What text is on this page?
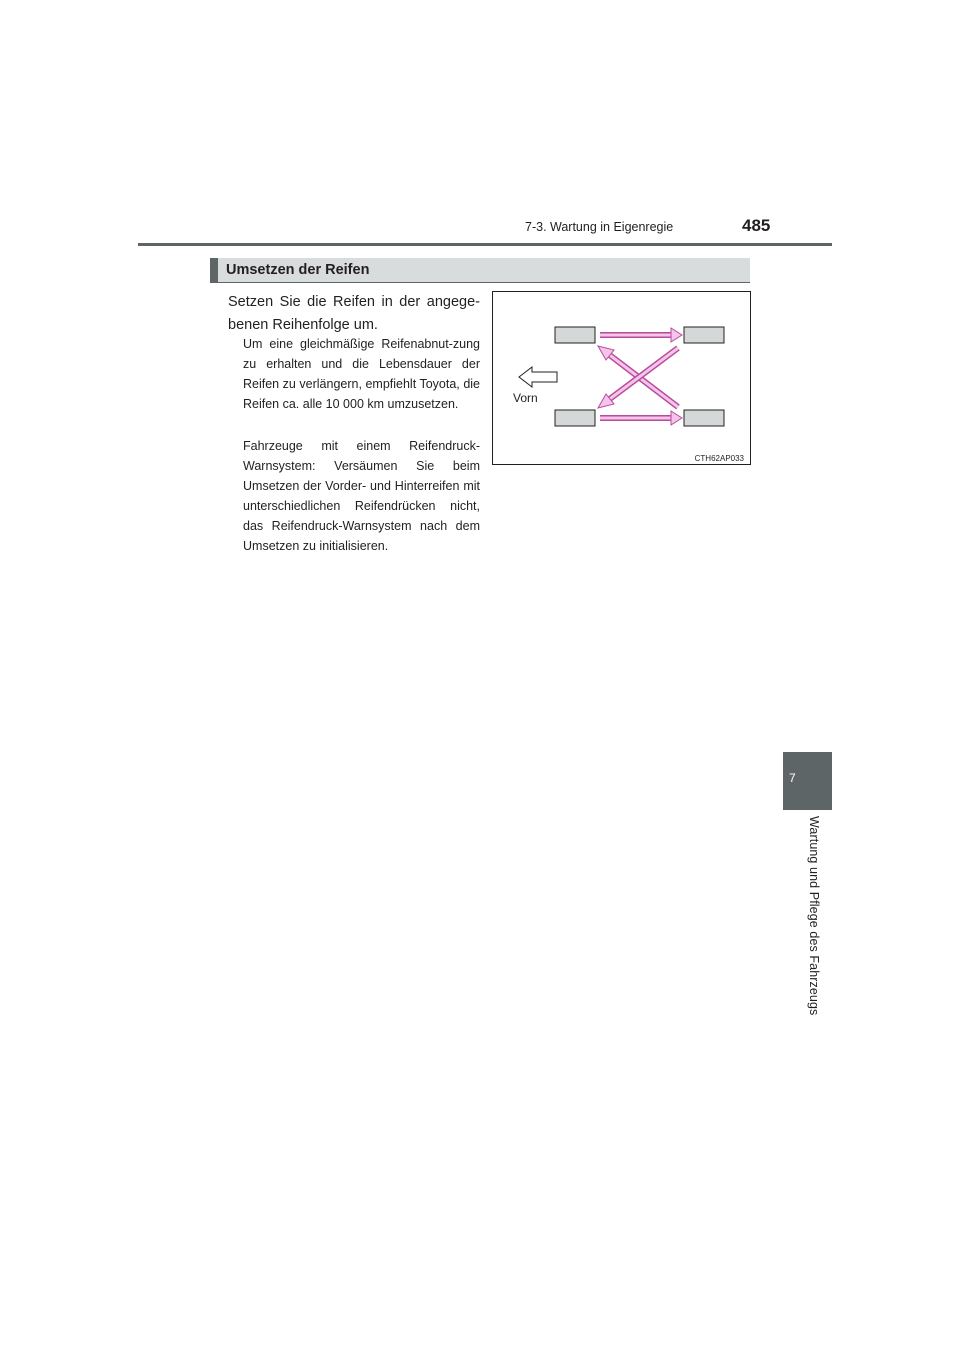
7-3. Wartung in Eigenregie	485
Umsetzen der Reifen
Setzen Sie die Reifen in der angege-benen Reihenfolge um.
Um eine gleichmäßige Reifenabnut-zung zu erhalten und die Lebensdauer der Reifen zu verlängern, empfiehlt Toyota, die Reifen ca. alle 10 000 km umzusetzen.
Fahrzeuge mit einem Reifendruck-Warnsystem: Versäumen Sie beim Umsetzen der Vorder- und Hinterreifen mit unterschiedlichen Reifendrücken nicht, das Reifendruck-Warnsystem nach dem Umsetzen zu initialisieren.
Vorn
CTH62AP033
7
Wartung und Pflege des Fahrzeugs
